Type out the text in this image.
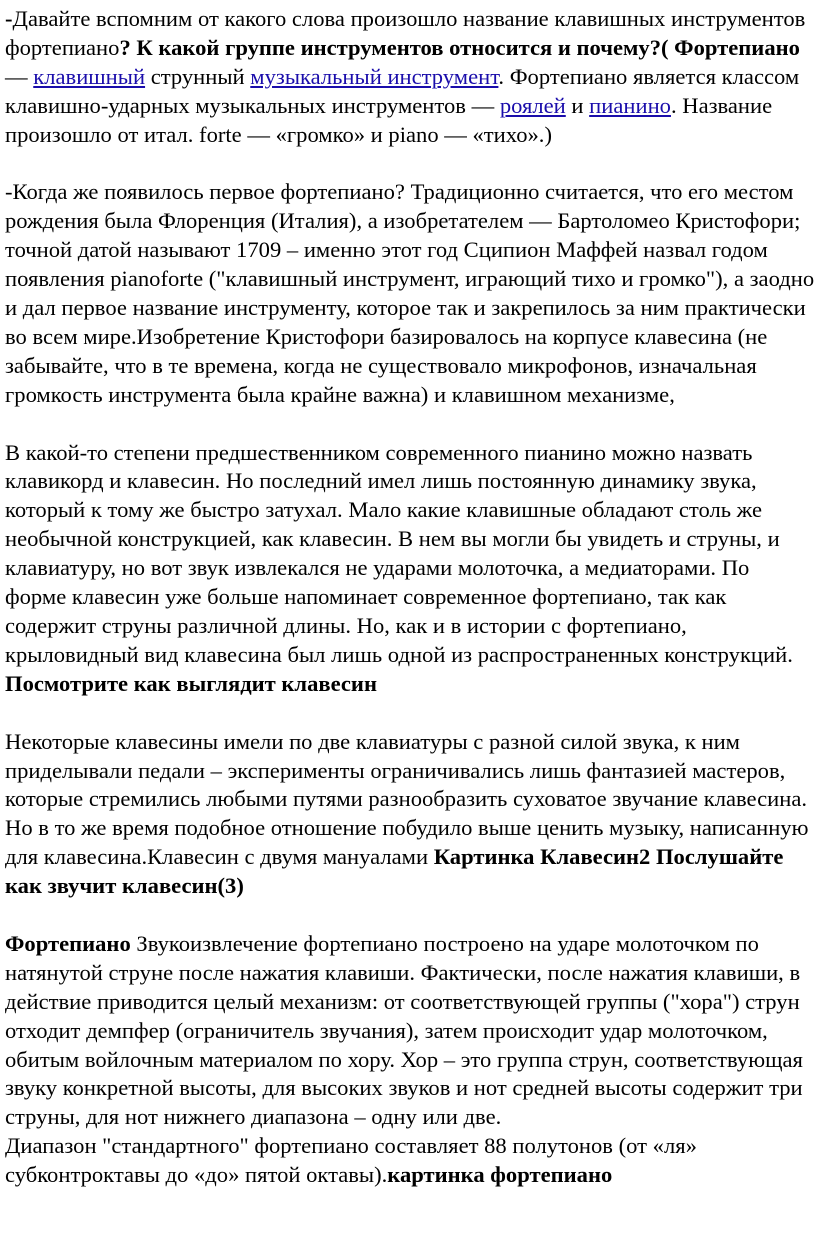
-Давайте вспомним от какого слова произошло название клавишных инструментов фортепиано? К какой группе инструментов относится и почему?( Фортепиано — клавишный струнный музыкальный инструмент. Фортепиано является классом клавишно-ударных музыкальных инструментов — роялей и пианино. Название произошло от итал. forte — «громко» и piano — «тихо».)

-Когда же появилось первое фортепиано? Традиционно считается, что его местом рождения была Флоренция (Италия), а изобретателем — Бартоломео Кристофори; точной датой называют 1709 – именно этот год Сципион Маффей назвал годом появления pianoforte ("клавишный инструмент, играющий тихо и громко"), а заодно и дал первое название инструменту, которое так и закрепилось за ним практически во всем мире.Изобретение Кристофори базировалось на корпусе клавесина (не забывайте, что в те времена, когда не существовало микрофонов, изначальная громкость инструмента была крайне важна) и клавишном механизме,

В какой-то степени предшественником современного пианино можно назвать клавикорд и клавесин. Но последний имел лишь постоянную динамику звука, который к тому же быстро затухал. Мало какие клавишные обладают столь же необычной конструкцией, как клавесин. В нем вы могли бы увидеть и струны, и клавиатуру, но вот звук извлекался не ударами молоточка, а медиаторами. По форме клавесин уже больше напоминает современное фортепиано, так как содержит струны различной длины. Но, как и в истории с фортепиано, крыловидный вид клавесина был лишь одной из распространенных конструкций. Посмотрите как выглядит клавесин

Некоторые клавесины имели по две клавиатуры с разной силой звука, к ним приделывали педали – эксперименты ограничивались лишь фантазией мастеров, которые стремились любыми путями разнообразить суховатое звучание клавесина. Но в то же время подобное отношение побудило выше ценить музыку, написанную для клавесина.Клавесин с двумя мануалами Картинка Клавесин2 Послушайте как звучит клавесин(3)

Фортепиано Звукоизвлечение фортепиано построено на ударе молоточком по натянутой струне после нажатия клавиши. Фактически, после нажатия клавиши, в действие приводится целый механизм: от соответствующей группы ("хора") струн отходит демпфер (ограничитель звучания), затем происходит удар молоточком, обитым войлочным материалом по хору. Хор – это группа струн, соответствующая звуку конкретной высоты, для высоких звуков и нот средней высоты содержит три струны, для нот нижнего диапазона – одну или две.

Диапазон "стандартного" фортепиано составляет 88 полутонов (от «ля» субконтроктавы до «до» пятой октавы).картинка фортепиано
